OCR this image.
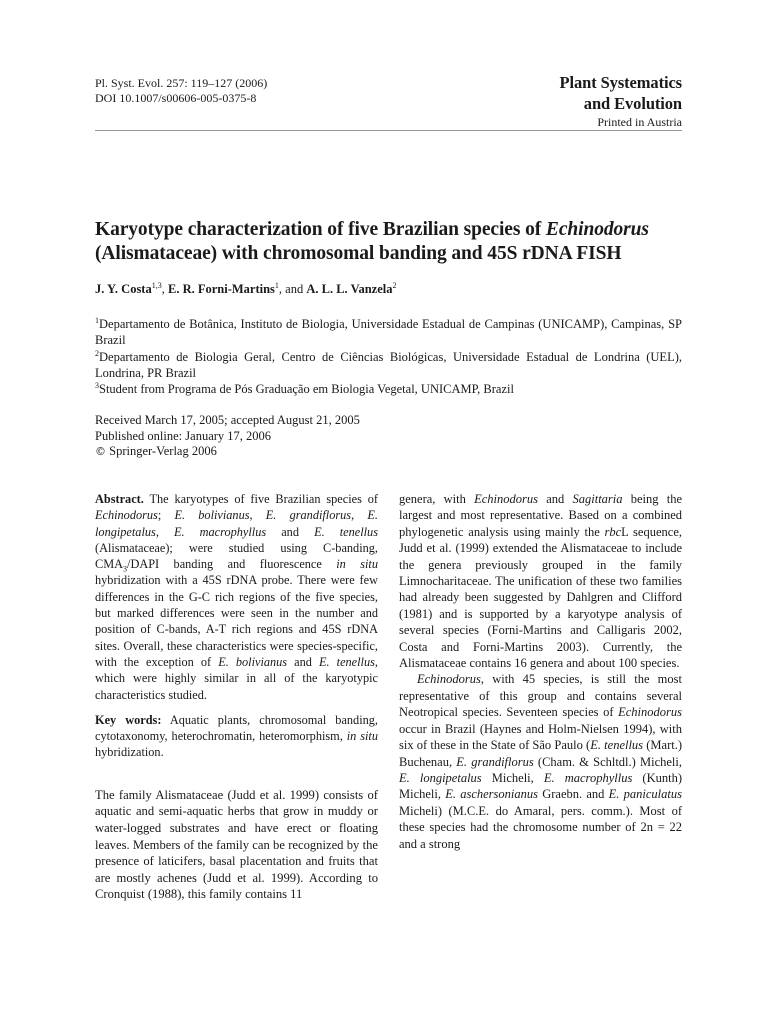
Pl. Syst. Evol. 257: 119–127 (2006)
DOI 10.1007/s00606-005-0375-8
Plant Systematics
and Evolution
Printed in Austria
Karyotype characterization of five Brazilian species of Echinodorus
(Alismataceae) with chromosomal banding and 45S rDNA FISH
J. Y. Costa$^{1,3}$, E. R. Forni-Martins$^1$, and A. L. L. Vanzela$^2$
$^1$Departamento de Botânica, Instituto de Biologia, Universidade Estadual de Campinas (UNICAMP), Campinas, SP Brazil
$^2$Departamento de Biologia Geral, Centro de Ciências Biológicas, Universidade Estadual de Londrina (UEL), Londrina, PR Brazil
$^3$Student from Programa de Pós Graduação em Biologia Vegetal, UNICAMP, Brazil
Received March 17, 2005; accepted August 21, 2005
Published online: January 17, 2006
© Springer-Verlag 2006

Abstract. The karyotypes of five Brazilian species of Echinodorus; E. bolivianus, E. grandiflorus, E. longipetalus, E. macrophyllus and E. tenellus (Alismataceae); were studied using C-banding, $CMA_3$/DAPI banding and fluorescence in situ hybridization with a 45S rDNA probe. There were few differences in the G-C rich regions of the five species, but marked differences were seen in the number and position of C-bands, A-T rich regions and 45S rDNA sites. Overall, these characteristics were species-specific, with the exception of E. bolivianus and E. tenellus, which were highly similar in all of the karyotypic characteristics studied.

Key words: Aquatic plants, chromosomal banding, cytotaxonomy, heterochromatin, heteromorphism, in situ hybridization.

The family Alismataceae (Judd et al. 1999) consists of aquatic and semi-aquatic herbs that grow in muddy or water-logged substrates and have erect or floating leaves. Members of the family can be recognized by the presence of laticifers, basal placentation and fruits that are mostly achenes (Judd et al. 1999). According to Cronquist (1988), this family contains 11

genera, with Echinodorus and Sagittaria being the largest and most representative. Based on a combined phylogenetic analysis using mainly the rbcL sequence, Judd et al. (1999) extended the Alismataceae to include the genera previously grouped in the family Limnocharitaceae. The unification of these two families had already been suggested by Dahlgren and Clifford (1981) and is supported by a karyotype analysis of several species (Forni-Martins and Calligaris 2002, Costa and Forni-Martins 2003). Currently, the Alismataceae contains 16 genera and about 100 species.

Echinodorus, with 45 species, is still the most representative of this group and contains several Neotropical species. Seventeen species of Echinodorus occur in Brazil (Haynes and Holm-Nielsen 1994), with six of these in the State of São Paulo (E. tenellus (Mart.) Buchenau, E. grandiflorus (Cham. & Schltdl.) Micheli, E. longipetalus Micheli, E. macrophyllus (Kunth) Micheli, E. aschersonianus Graebn. and E. paniculatus Micheli) (M.C.E. do Amaral, pers. comm.). Most of these species had the chromosome number of 2n = 22 and a strong
